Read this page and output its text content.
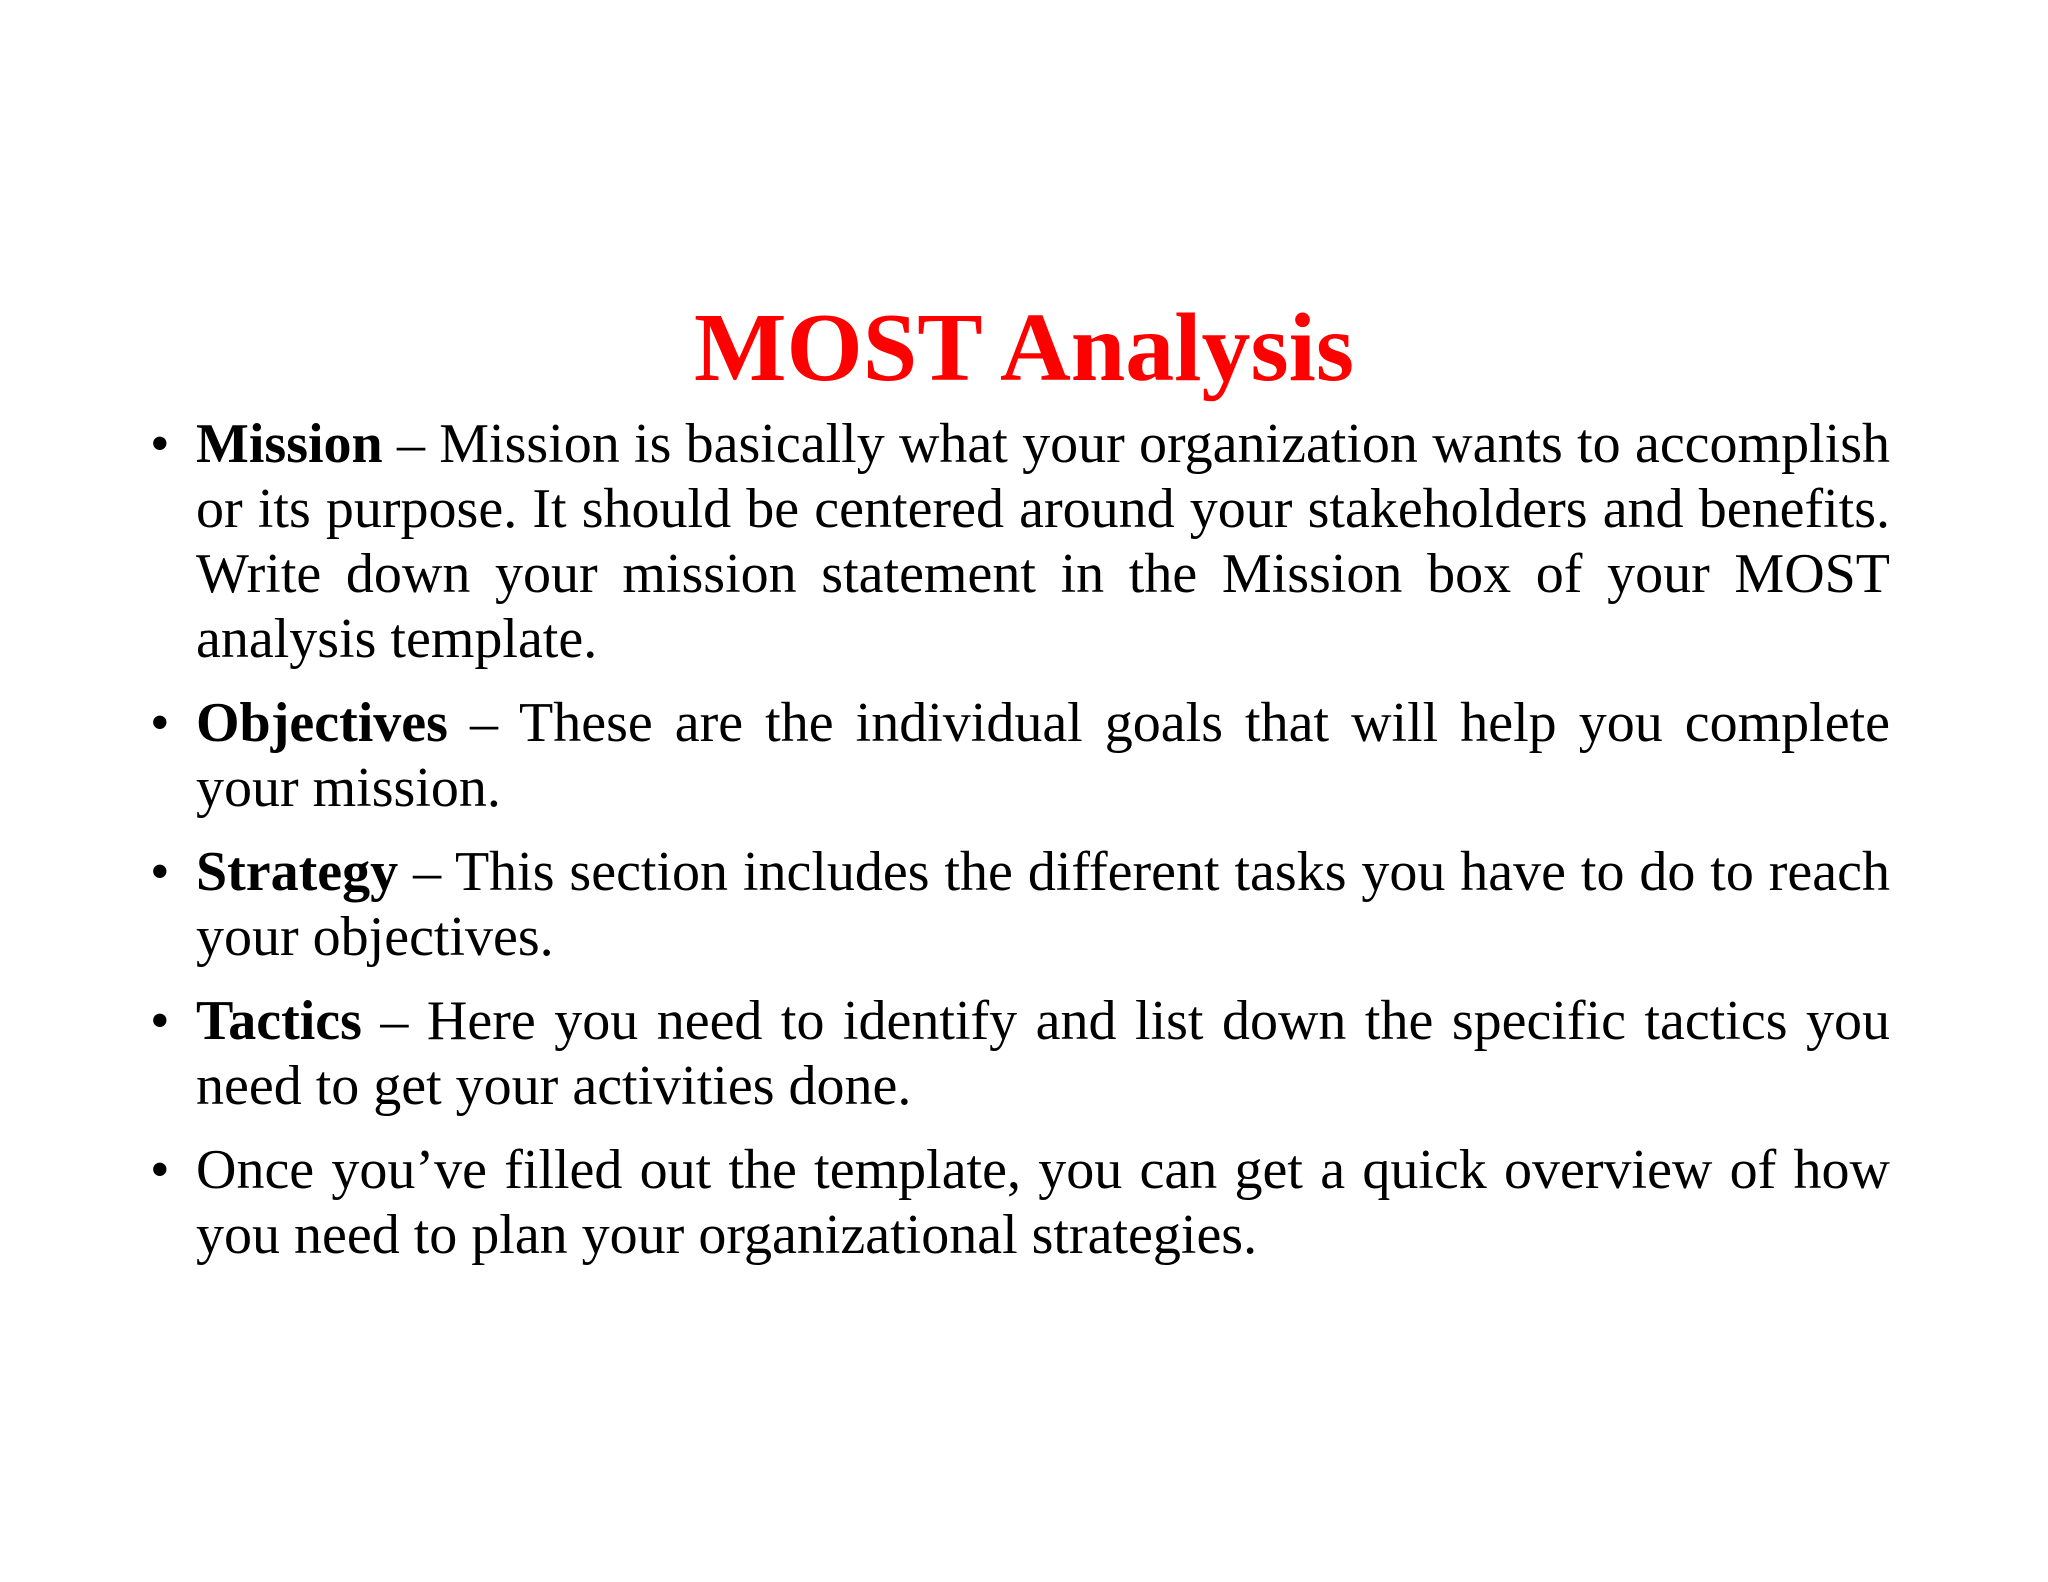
MOST Analysis
• Mission – Mission is basically what your organization wants to accomplish or its purpose. It should be centered around your stakeholders and benefits. Write down your mission statement in the Mission box of your MOST analysis template.
• Objectives – These are the individual goals that will help you complete your mission.
• Strategy – This section includes the different tasks you have to do to reach your objectives.
• Tactics – Here you need to identify and list down the specific tactics you need to get your activities done.
• Once you’ve filled out the template, you can get a quick overview of how you need to plan your organizational strategies.
